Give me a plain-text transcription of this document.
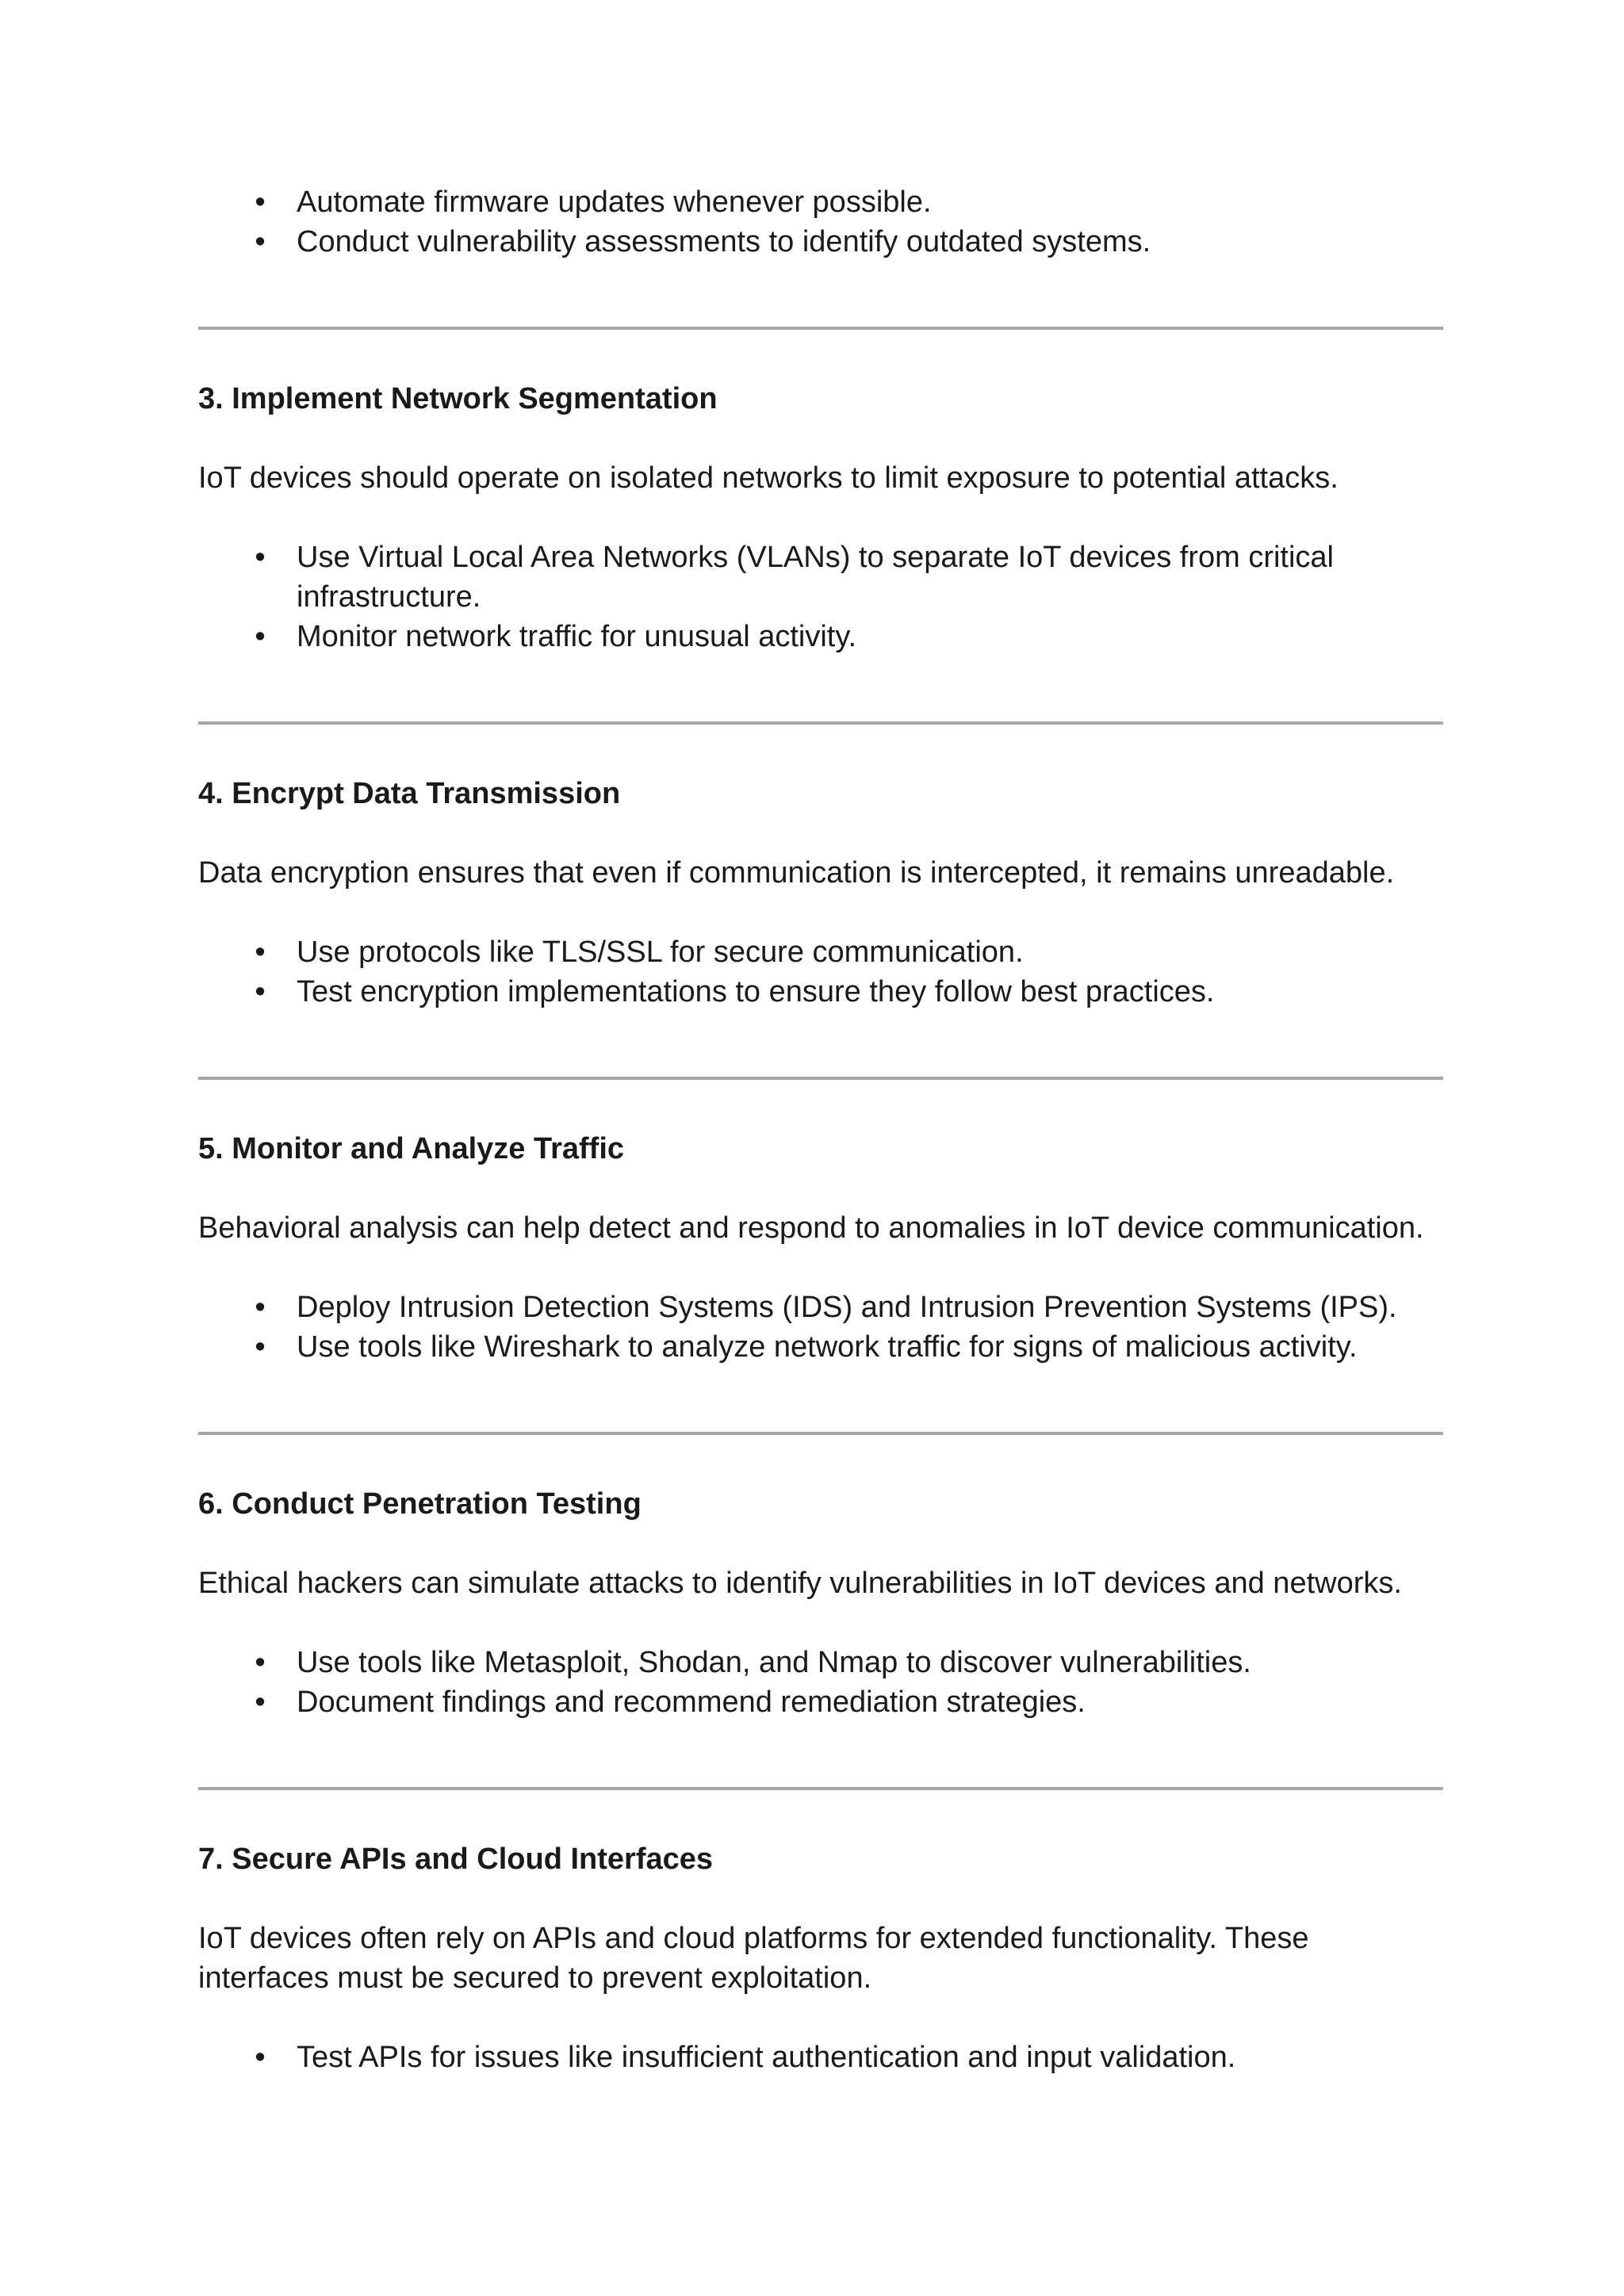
• Automate firmware updates whenever possible.
• Conduct vulnerability assessments to identify outdated systems.

3. Implement Network Segmentation

IoT devices should operate on isolated networks to limit exposure to potential attacks.

• Use Virtual Local Area Networks (VLANs) to separate IoT devices from critical infrastructure.
• Monitor network traffic for unusual activity.

4. Encrypt Data Transmission

Data encryption ensures that even if communication is intercepted, it remains unreadable.

• Use protocols like TLS/SSL for secure communication.
• Test encryption implementations to ensure they follow best practices.

5. Monitor and Analyze Traffic

Behavioral analysis can help detect and respond to anomalies in IoT device communication.

• Deploy Intrusion Detection Systems (IDS) and Intrusion Prevention Systems (IPS).
• Use tools like Wireshark to analyze network traffic for signs of malicious activity.

6. Conduct Penetration Testing

Ethical hackers can simulate attacks to identify vulnerabilities in IoT devices and networks.

• Use tools like Metasploit, Shodan, and Nmap to discover vulnerabilities.
• Document findings and recommend remediation strategies.

7. Secure APIs and Cloud Interfaces

IoT devices often rely on APIs and cloud platforms for extended functionality. These interfaces must be secured to prevent exploitation.

• Test APIs for issues like insufficient authentication and input validation.
